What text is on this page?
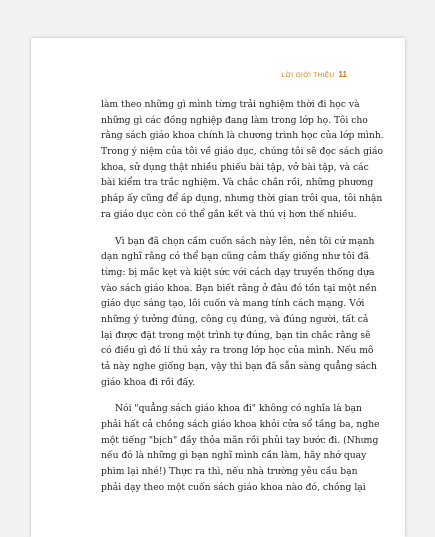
LỜI GIỚI THIỆU 11

làm theo những gì mình từng trải nghiệm thời đi học và
những gì các đồng nghiệp đang làm trong lớp họ. Tôi cho
rằng sách giáo khoa chính là chương trình học của lớp mình.
Trong ý niệm của tôi về giáo dục, chúng tôi sẽ đọc sách giáo
khoa, sử dụng thật nhiều phiếu bài tập, vở bài tập, và các
bài kiểm tra trắc nghiệm. Và chắc chắn rồi, những phương
pháp ấy cũng để áp dụng, nhưng thời gian trôi qua, tôi nhận
ra giáo dục còn có thể gắn kết và thú vị hơn thế nhiều.

Vì bạn đã chọn cầm cuốn sách này lên, nên tôi cứ mạnh
dạn nghĩ rằng có thể bạn cũng cảm thấy giống như tôi đã
từng: bị mắc kẹt và kiệt sức với cách dạy truyền thống dựa
vào sách giáo khoa. Bạn biết rằng ở đâu đó tồn tại một nền
giáo dục sáng tạo, lôi cuốn và mang tính cách mạng. Với
những ý tưởng đúng, công cụ đúng, và đúng người, tất cả
lại được đặt trong một trình tự đúng, bạn tin chắc rằng sẽ
có điều gì đó lí thú xảy ra trong lớp học của mình. Nếu mô
tả này nghe giống bạn, vậy thì bạn đã sẵn sàng quẳng sách
giáo khoa đi rồi đấy.

Nói "quẳng sách giáo khoa đi" không có nghĩa là bạn
phải hất cả chồng sách giáo khoa khỏi cửa sổ tầng ba, nghe
một tiếng "bịch" đầy thỏa mãn rồi phủi tay bước đi. (Nhưng
nếu đó là những gì bạn nghĩ mình cần làm, hãy nhớ quay
phim lại nhé!) Thực ra thì, nếu nhà trường yêu cầu bạn
phải dạy theo một cuốn sách giáo khoa nào đó, chồng lại
